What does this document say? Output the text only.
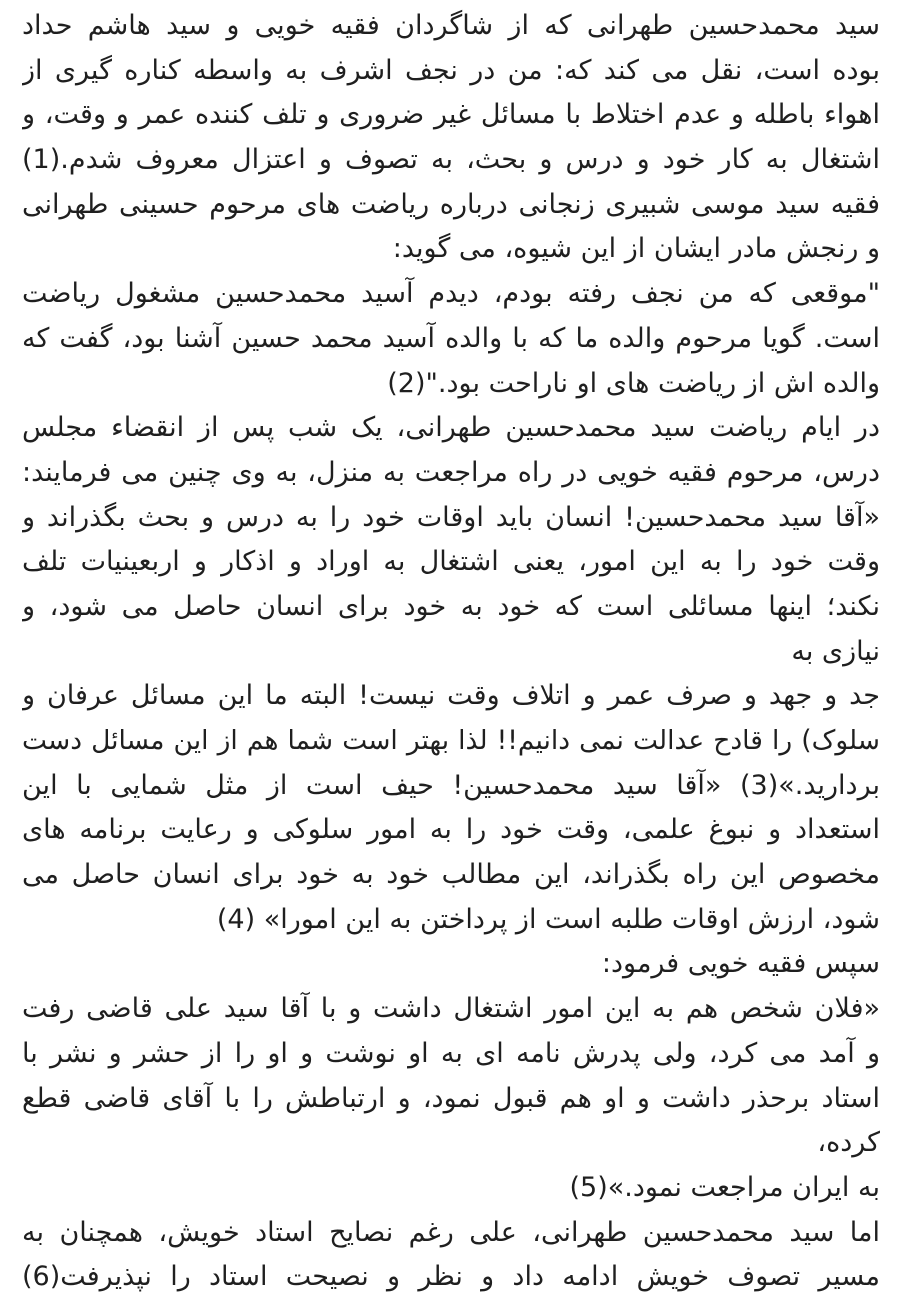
سید محمدحسین طهرانی که از شاگردان فقیه خویی و سید هاشم حداد
بوده است، نقل می کند که: من در نجف اشرف به واسطه کناره گیری از
اهواء باطله و عدم اختلاط با مسائل غیر ضروری و تلف کننده عمر و وقت، و
اشتغال به کار خود و درس و بحث، به تصوف و اعتزال معروف شدم.(1)
فقیه سید موسی شبیری زنجانی درباره ریاضت های مرحوم حسینی طهرانی
و رنجش مادر ایشان از این شیوه، می گوید:
"موقعی که من نجف رفته بودم، دیدم آسید محمدحسین مشغول ریاضت
است. گویا مرحوم والده ما که با والده آسید محمد حسین آشنا بود، گفت که
والده اش از ریاضت های او ناراحت بود."(2)
در ایام ریاضت سید محمدحسین طهرانی، یک شب پس از انقضاء مجلس
درس، مرحوم فقیه خویی در راه مراجعت به منزل، به وی چنین می فرمایند:
«آقا سید محمدحسین! انسان باید اوقات خود را به درس و بحث بگذراند و
وقت خود را به این امور، یعنی اشتغال به اوراد و اذکار و اربعینیات تلف
نکند؛ اینها مسائلی است که خود به خود برای انسان حاصل می شود، و
نیازی به
جد و جهد و صرف عمر و اتلاف وقت نیست! البته ما این مسائل عرفان و
سلوک) را قادح عدالت نمی دانیم!! لذا بهتر است شما هم از این مسائل دست
بردارید.»(3) «آقا سید محمدحسین! حیف است از مثل شمایی با این
استعداد و نبوغ علمی، وقت خود را به امور سلوکی و رعایت برنامه های
مخصوص این راه بگذراند، این مطالب خود به خود برای انسان حاصل می
شود، ارزش اوقات طلبه است از پرداختن به این امورا» (4)
سپس فقیه خویی فرمود:
«فلان شخص هم به این امور اشتغال داشت و با آقا سید علی قاضی رفت
و آمد می کرد، ولی پدرش نامه ای به او نوشت و او را از حشر و نشر با
استاد برحذر داشت و او هم قبول نمود، و ارتباطش را با آقای قاضی قطع
کرده،
به ایران مراجعت نمود.»(5)
اما سید محمدحسین طهرانی، علی رغم نصایح استاد خویش، همچنان به
مسیر تصوف خویش ادامه داد و نظر و نصیحت استاد را نپذیرفت(6)
